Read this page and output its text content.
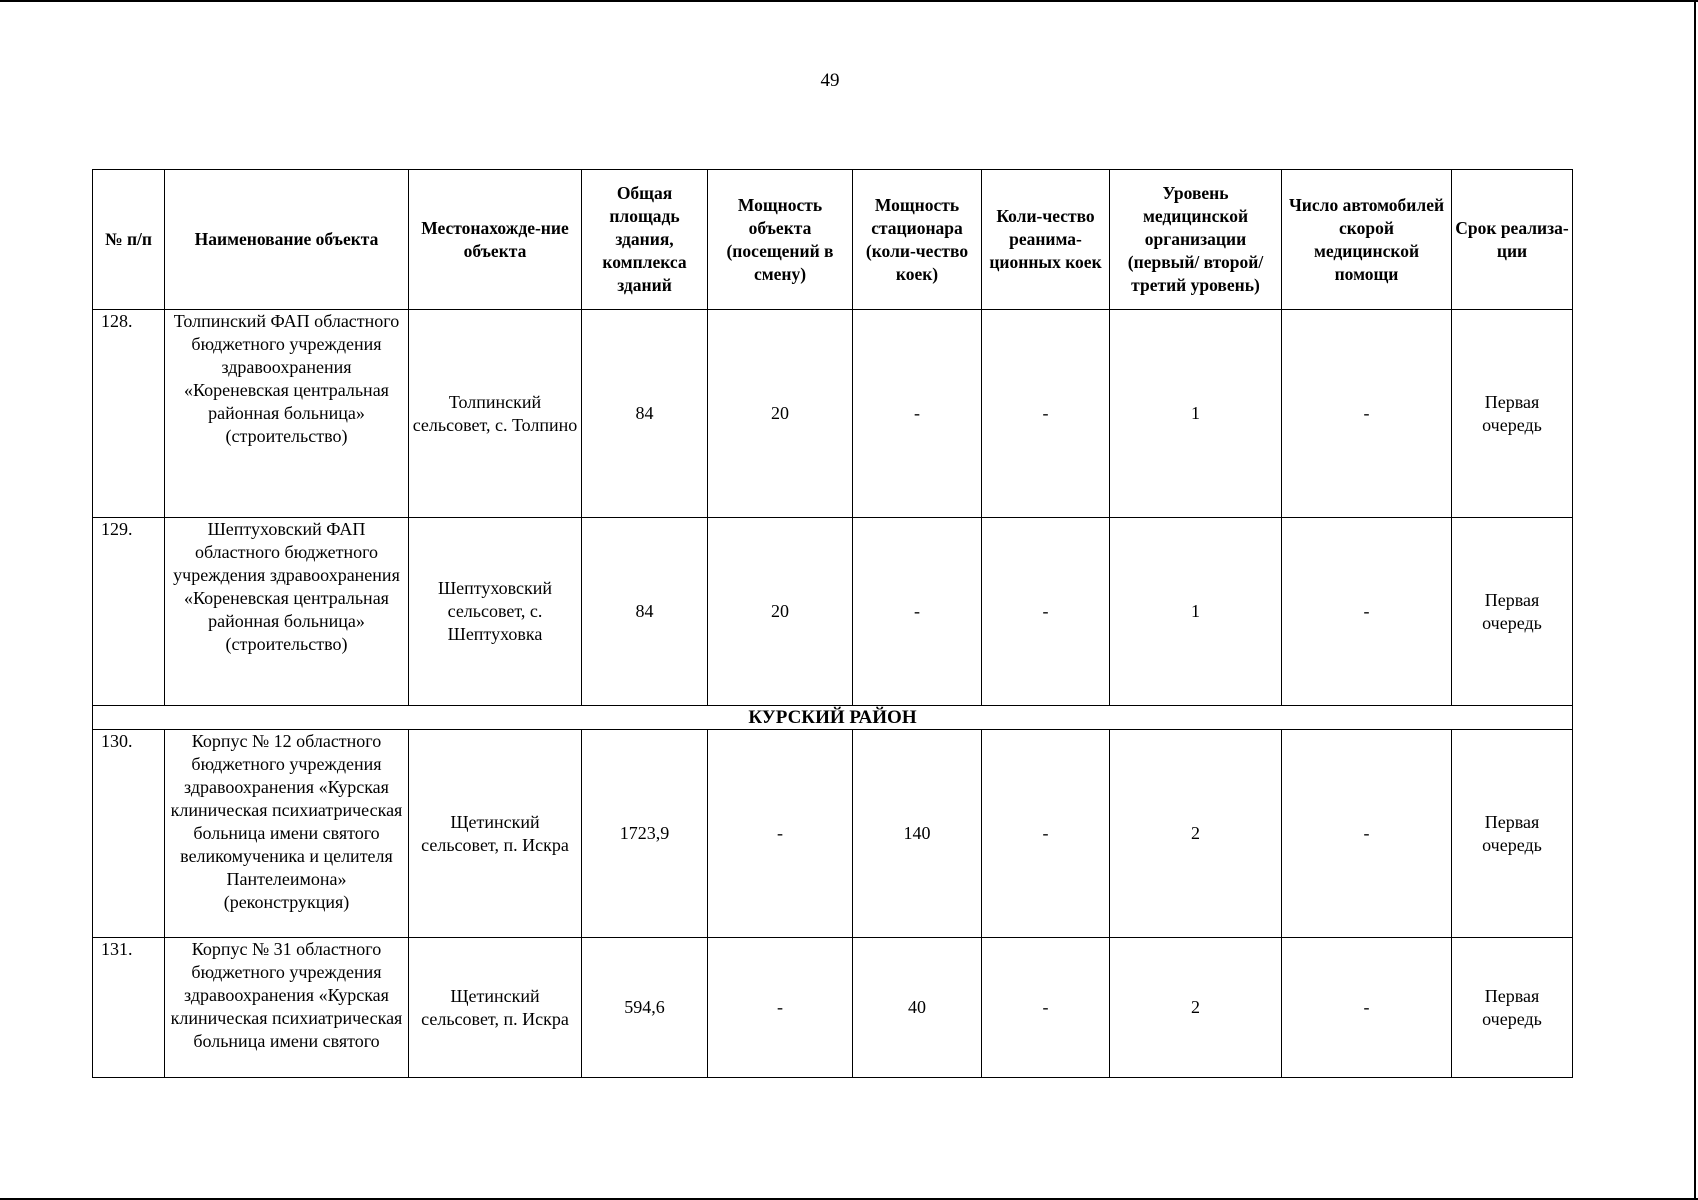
49
№ п/п	Наименование объекта	Местонахожде-ние объекта	Общая площадь здания, комплекса зданий	Мощность объекта (посещений в смену)	Мощность стационара (коли-чество коек)	Коли-чество реанима-ционных коек	Уровень медицинской организации (первый/ второй/ третий уровень)	Число автомобилей скорой медицинской помощи	Срок реализа-ции
128.	Толпинский ФАП областного бюджетного учреждения здравоохранения «Кореневская центральная районная больница» (строительство)	Толпинский сельсовет, с. Толпино	84	20	-	-	1	-	Первая очередь
129.	Шептуховский ФАП областного бюджетного учреждения здравоохранения «Кореневская центральная районная больница» (строительство)	Шептуховский сельсовет, с. Шептуховка	84	20	-	-	1	-	Первая очередь
КУРСКИЙ РАЙОН									
130.	Корпус № 12 областного бюджетного учреждения здравоохранения «Курская клиническая психиатрическая больница имени святого великомученика и целителя Пантелеимона» (реконструкция)	Щетинский сельсовет, п. Искра	1723,9	-	140	-	2	-	Первая очередь
131.	Корпус № 31 областного бюджетного учреждения здравоохранения «Курская клиническая психиатрическая больница имени святого	Щетинский сельсовет, п. Искра	594,6	-	40	-	2	-	Первая очередь
